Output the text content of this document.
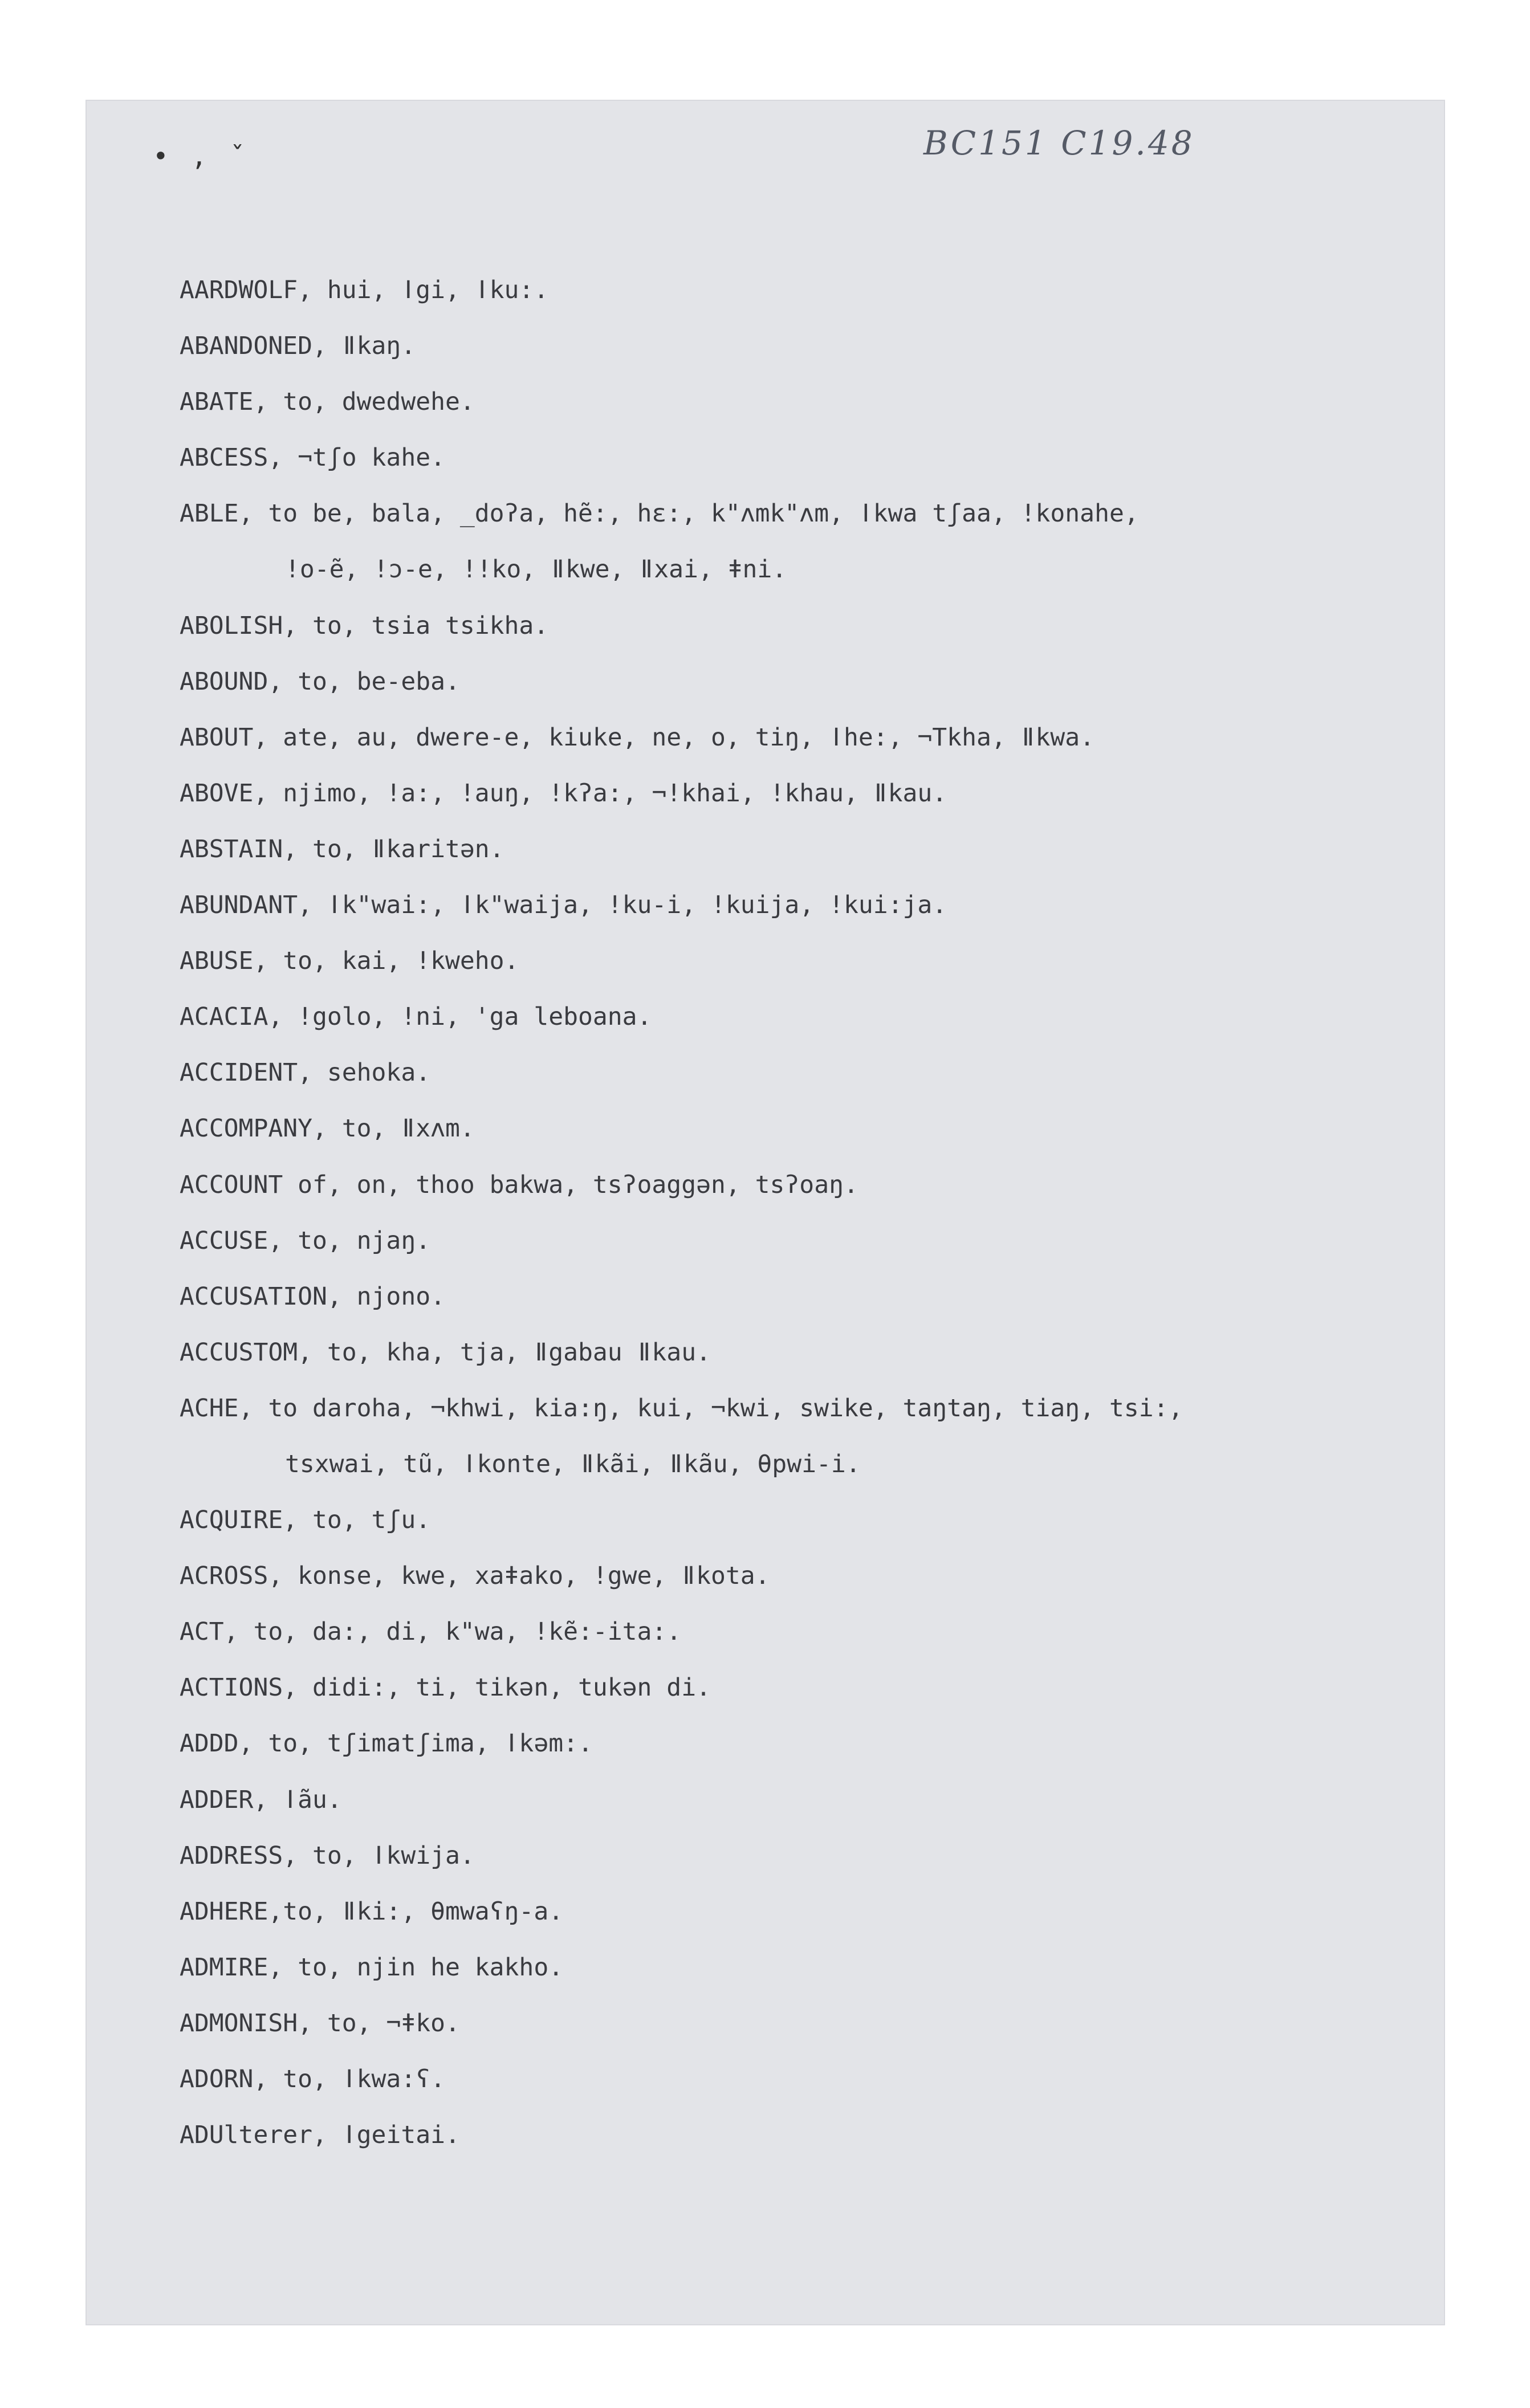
• , ˇ	BC151 C19.48
AARDWOLF, hui, ǀgi, ǀku:.
ABANDONED, ǁkaŋ.
ABATE, to, dwedwehe.
ABCESS, ¬tʃo kahe.
ABLE, to be, bala, _doʔa, hẽ:, hɛ:, k"ʌmk"ʌm, ǀkwa tʃaa, ǃkonahe,
ǃo-ẽ, ǃɔ-e, ǃǃko, ǁkwe, ǁxai, ǂni.
ABOLISH, to, tsia tsikha.
ABOUND, to, be-eba.
ABOUT, ate, au, dwere-e, kiuke, ne, o, tiŋ, ǀhe:, ¬Tkha, ǁkwa.
ABOVE, njimo, ǃa:, ǃauŋ, ǃkʔa:, ¬ǃkhai, ǃkhau, ǁkau.
ABSTAIN, to, ǁkaritən.
ABUNDANT, ǀk"wai:, ǀk"waija, ǃku-i, ǃkuija, ǃkui:ja.
ABUSE, to, kai, ǃkweho.
ACACIA, ǃgolo, ǃni, 'ga leboana.
ACCIDENT, sehoka.
ACCOMPANY, to, ǁxʌm.
ACCOUNT of, on, thoo bakwa, tsʔoaggən, tsʔoaŋ.
ACCUSE, to, njaŋ.
ACCUSATION, njono.
ACCUSTOM, to, kha, tja, ǁgabau ǁkau.
ACHE, to daroha, ¬khwi, kia:ŋ, kui, ¬kwi, swike, taŋtaŋ, tiaŋ, tsi:,
tsxwai, tũ, ǀkonte, ǁkãi, ǁkãu, θpwi-i.
ACQUIRE, to, tʃu.
ACROSS, konse, kwe, xaǂako, ǃgwe, ǁkota.
ACT, to, da:, di, k"wa, ǃkẽ:-ita:.
ACTIONS, didi:, ti, tikən, tukən di.
ADDD, to, tʃimatʃima, ǀkəm:.
ADDER, ǀãu.
ADDRESS, to, ǀkwija.
ADHERE,to, ǁki:, θmwaʕŋ-a.
ADMIRE, to, njin he kakho.
ADMONISH, to, ¬ǂko.
ADORN, to, ǀkwa:ʕ.
ADUlterer, ǀgeitai.
